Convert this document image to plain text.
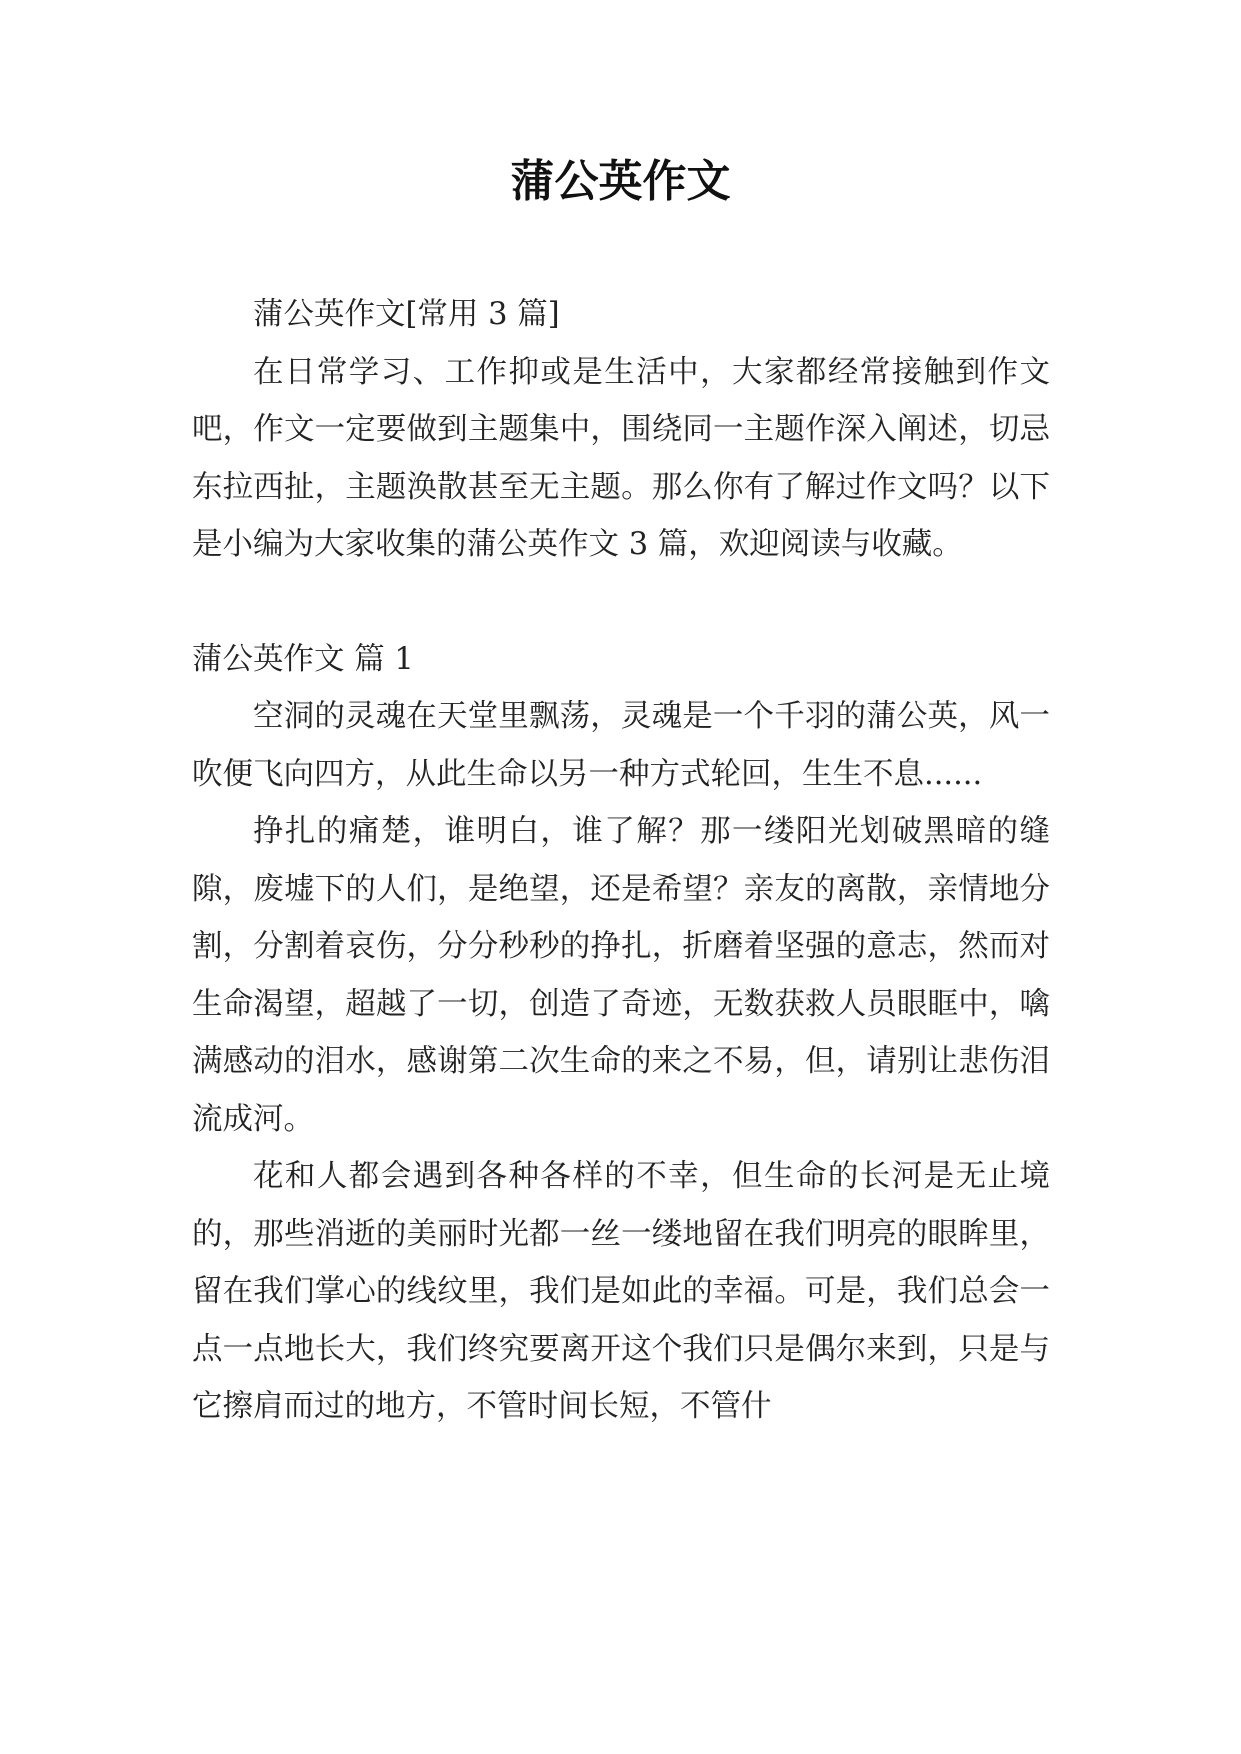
蒲公英作文

蒲公英作文[常用 3 篇]

在日常学习、工作抑或是生活中，大家都经常接触到作文吧，作文一定要做到主题集中，围绕同一主题作深入阐述，切忌东拉西扯，主题涣散甚至无主题。那么你有了解过作文吗？以下是小编为大家收集的蒲公英作文 3 篇，欢迎阅读与收藏。

蒲公英作文 篇 1

空洞的灵魂在天堂里飘荡，灵魂是一个千羽的蒲公英，风一吹便飞向四方，从此生命以另一种方式轮回，生生不息......

挣扎的痛楚，谁明白，谁了解？那一缕阳光划破黑暗的缝隙，废墟下的人们，是绝望，还是希望？亲友的离散，亲情地分割，分割着哀伤，分分秒秒的挣扎，折磨着坚强的意志，然而对生命渴望，超越了一切，创造了奇迹，无数获救人员眼眶中，噙满感动的泪水，感谢第二次生命的来之不易，但，请别让悲伤泪流成河。

花和人都会遇到各种各样的不幸，但生命的长河是无止境的，那些消逝的美丽时光都一丝一缕地留在我们明亮的眼眸里，留在我们掌心的线纹里，我们是如此的幸福。可是，我们总会一点一点地长大，我们终究要离开这个我们只是偶尔来到，只是与它擦肩而过的地方，不管时间长短，不管什
